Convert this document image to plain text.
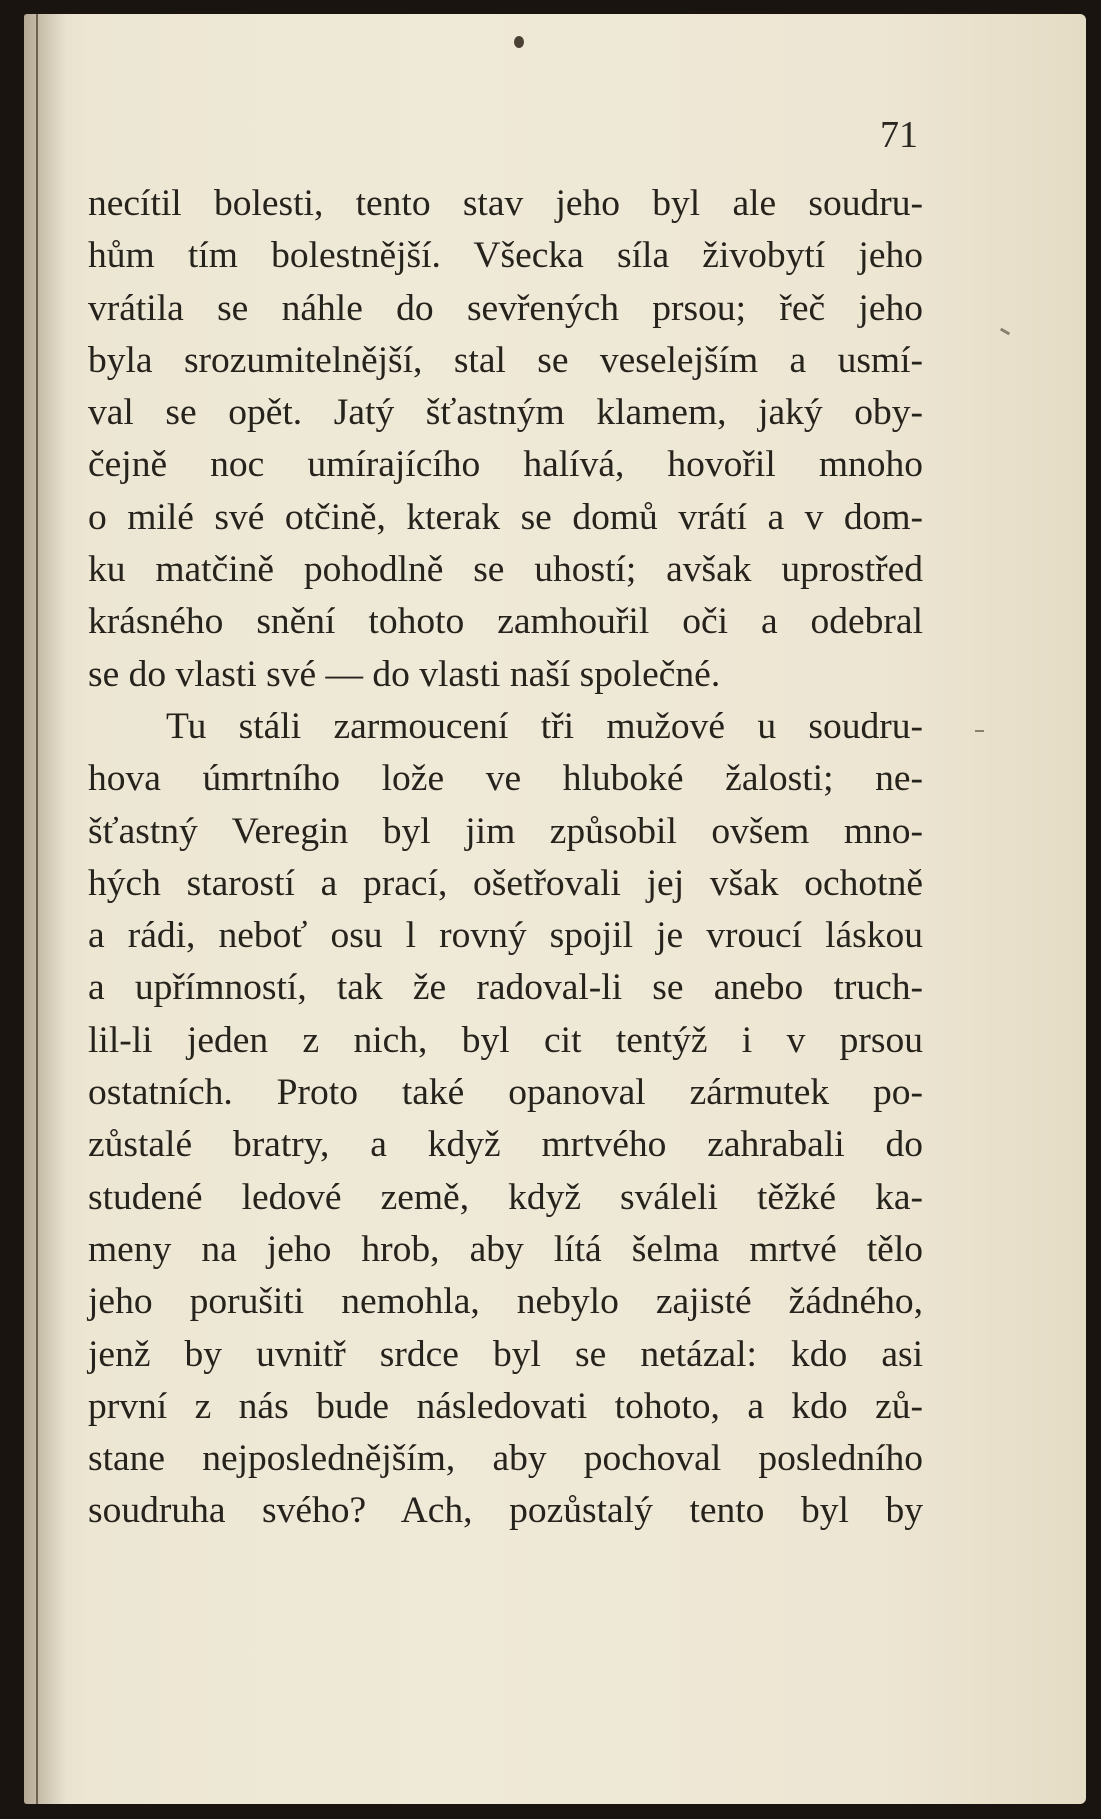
71
necítil bolesti, tento stav jeho byl ale soudru-
hům tím bolestnější. Všecka síla živobytí jeho
vrátila se náhle do sevřených prsou; řeč jeho
byla srozumitelnější, stal se veselejším a usmí-
val se opět. Jatý šťastným klamem, jaký oby-
čejně noc umírajícího halívá, hovořil mnoho
o milé své otčině, kterak se domů vrátí a v dom-
ku matčině pohodlně se uhostí; avšak uprostřed
krásného snění tohoto zamhouřil oči a odebral
se do vlasti své — do vlasti naší společné.
Tu stáli zarmoucení tři mužové u soudru-
hova úmrtního lože ve hluboké žalosti; ne-
šťastný Veregin byl jim způsobil ovšem mno-
hých starostí a prací, ošetřovali jej však ochotně
a rádi, neboť osu l rovný spojil je vroucí láskou
a upřímností, tak že radoval-li se anebo truch-
lil-li jeden z nich, byl cit tentýž i v prsou
ostatních. Proto také opanoval zármutek po-
zůstalé bratry, a když mrtvého zahrabali do
studené ledové země, když sváleli těžké ka-
meny na jeho hrob, aby lítá šelma mrtvé tělo
jeho porušiti nemohla, nebylo zajisté žádného,
jenž by uvnitř srdce byl se netázal: kdo asi
první z nás bude následovati tohoto, a kdo zů-
stane nejposlednějším, aby pochoval posledního
soudruha svého? Ach, pozůstalý tento byl by
